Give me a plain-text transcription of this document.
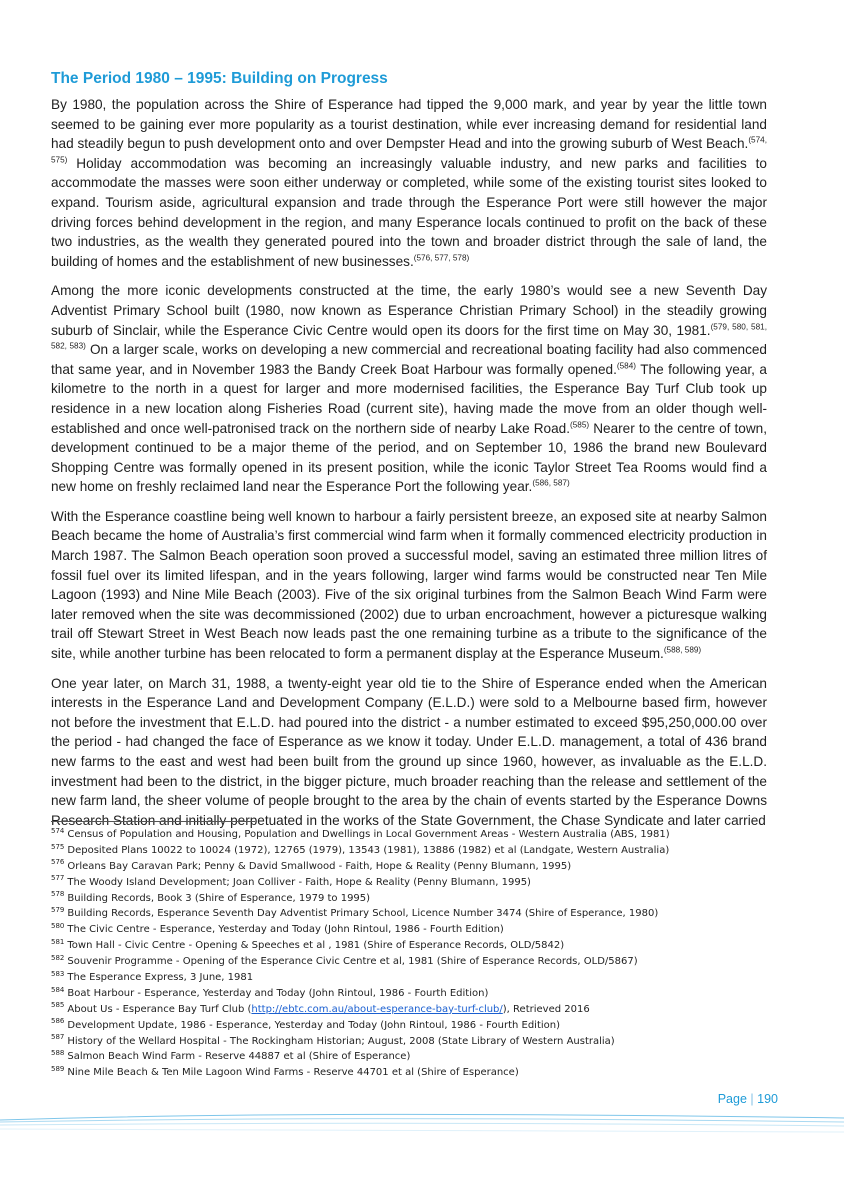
The Period 1980 – 1995: Building on Progress

By 1980, the population across the Shire of Esperance had tipped the 9,000 mark, and year by year the little town seemed to be gaining ever more popularity as a tourist destination, while ever increasing demand for residential land had steadily begun to push development onto and over Dempster Head and into the growing suburb of West Beach.$^{(574, 575)}$ Holiday accommodation was becoming an increasingly valuable industry, and new parks and facilities to accommodate the masses were soon either underway or completed, while some of the existing tourist sites looked to expand. Tourism aside, agricultural expansion and trade through the Esperance Port were still however the major driving forces behind development in the region, and many Esperance locals continued to profit on the back of these two industries, as the wealth they generated poured into the town and broader district through the sale of land, the building of homes and the establishment of new businesses.$^{(576, 577, 578)}$

Among the more iconic developments constructed at the time, the early 1980’s would see a new Seventh Day Adventist Primary School built (1980, now known as Esperance Christian Primary School) in the steadily growing suburb of Sinclair, while the Esperance Civic Centre would open its doors for the first time on May 30, 1981.$^{(579, 580, 581, 582, 583)}$ On a larger scale, works on developing a new commercial and recreational boating facility had also commenced that same year, and in November 1983 the Bandy Creek Boat Harbour was formally opened.$^{(584)}$ The following year, a kilometre to the north in a quest for larger and more modernised facilities, the Esperance Bay Turf Club took up residence in a new location along Fisheries Road (current site), having made the move from an older though well-established and once well-patronised track on the northern side of nearby Lake Road.$^{(585)}$ Nearer to the centre of town, development continued to be a major theme of the period, and on September 10, 1986 the brand new Boulevard Shopping Centre was formally opened in its present position, while the iconic Taylor Street Tea Rooms would find a new home on freshly reclaimed land near the Esperance Port the following year.$^{(586, 587)}$

With the Esperance coastline being well known to harbour a fairly persistent breeze, an exposed site at nearby Salmon Beach became the home of Australia’s first commercial wind farm when it formally commenced electricity production in March 1987. The Salmon Beach operation soon proved a successful model, saving an estimated three million litres of fossil fuel over its limited lifespan, and in the years following, larger wind farms would be constructed near Ten Mile Lagoon (1993) and Nine Mile Beach (2003). Five of the six original turbines from the Salmon Beach Wind Farm were later removed when the site was decommissioned (2002) due to urban encroachment, however a picturesque walking trail off Stewart Street in West Beach now leads past the one remaining turbine as a tribute to the significance of the site, while another turbine has been relocated to form a permanent display at the Esperance Museum.$^{(588, 589)}$

One year later, on March 31, 1988, a twenty-eight year old tie to the Shire of Esperance ended when the American interests in the Esperance Land and Development Company (E.L.D.) were sold to a Melbourne based firm, however not before the investment that E.L.D. had poured into the district - a number estimated to exceed $95,250,000.00 over the period - had changed the face of Esperance as we know it today. Under E.L.D. management, a total of 436 brand new farms to the east and west had been built from the ground up since 1960, however, as invaluable as the E.L.D. investment had been to the district, in the bigger picture, much broader reaching than the release and settlement of the new farm land, the sheer volume of people brought to the area by the chain of events started by the Esperance Downs Research Station and initially perpetuated in the works of the State Government, the Chase Syndicate and later carried

$^{574}$ Census of Population and Housing, Population and Dwellings in Local Government Areas - Western Australia (ABS, 1981)
$^{575}$ Deposited Plans 10022 to 10024 (1972), 12765 (1979), 13543 (1981), 13886 (1982) et al (Landgate, Western Australia)
$^{576}$ Orleans Bay Caravan Park; Penny & David Smallwood - Faith, Hope & Reality (Penny Blumann, 1995)
$^{577}$ The Woody Island Development; Joan Colliver - Faith, Hope & Reality (Penny Blumann, 1995)
$^{578}$ Building Records, Book 3 (Shire of Esperance, 1979 to 1995)
$^{579}$ Building Records, Esperance Seventh Day Adventist Primary School, Licence Number 3474 (Shire of Esperance, 1980)
$^{580}$ The Civic Centre - Esperance, Yesterday and Today (John Rintoul, 1986 - Fourth Edition)
$^{581}$ Town Hall - Civic Centre - Opening & Speeches et al , 1981 (Shire of Esperance Records, OLD/5842)
$^{582}$ Souvenir Programme - Opening of the Esperance Civic Centre et al, 1981 (Shire of Esperance Records, OLD/5867)
$^{583}$ The Esperance Express, 3 June, 1981
$^{584}$ Boat Harbour - Esperance, Yesterday and Today (John Rintoul, 1986 - Fourth Edition)
$^{585}$ About Us - Esperance Bay Turf Club (http://ebtc.com.au/about-esperance-bay-turf-club/), Retrieved 2016
$^{586}$ Development Update, 1986 - Esperance, Yesterday and Today (John Rintoul, 1986 - Fourth Edition)
$^{587}$ History of the Wellard Hospital - The Rockingham Historian; August, 2008 (State Library of Western Australia)
$^{588}$ Salmon Beach Wind Farm - Reserve 44887 et al (Shire of Esperance)
$^{589}$ Nine Mile Beach & Ten Mile Lagoon Wind Farms - Reserve 44701 et al (Shire of Esperance)
Page | 190
